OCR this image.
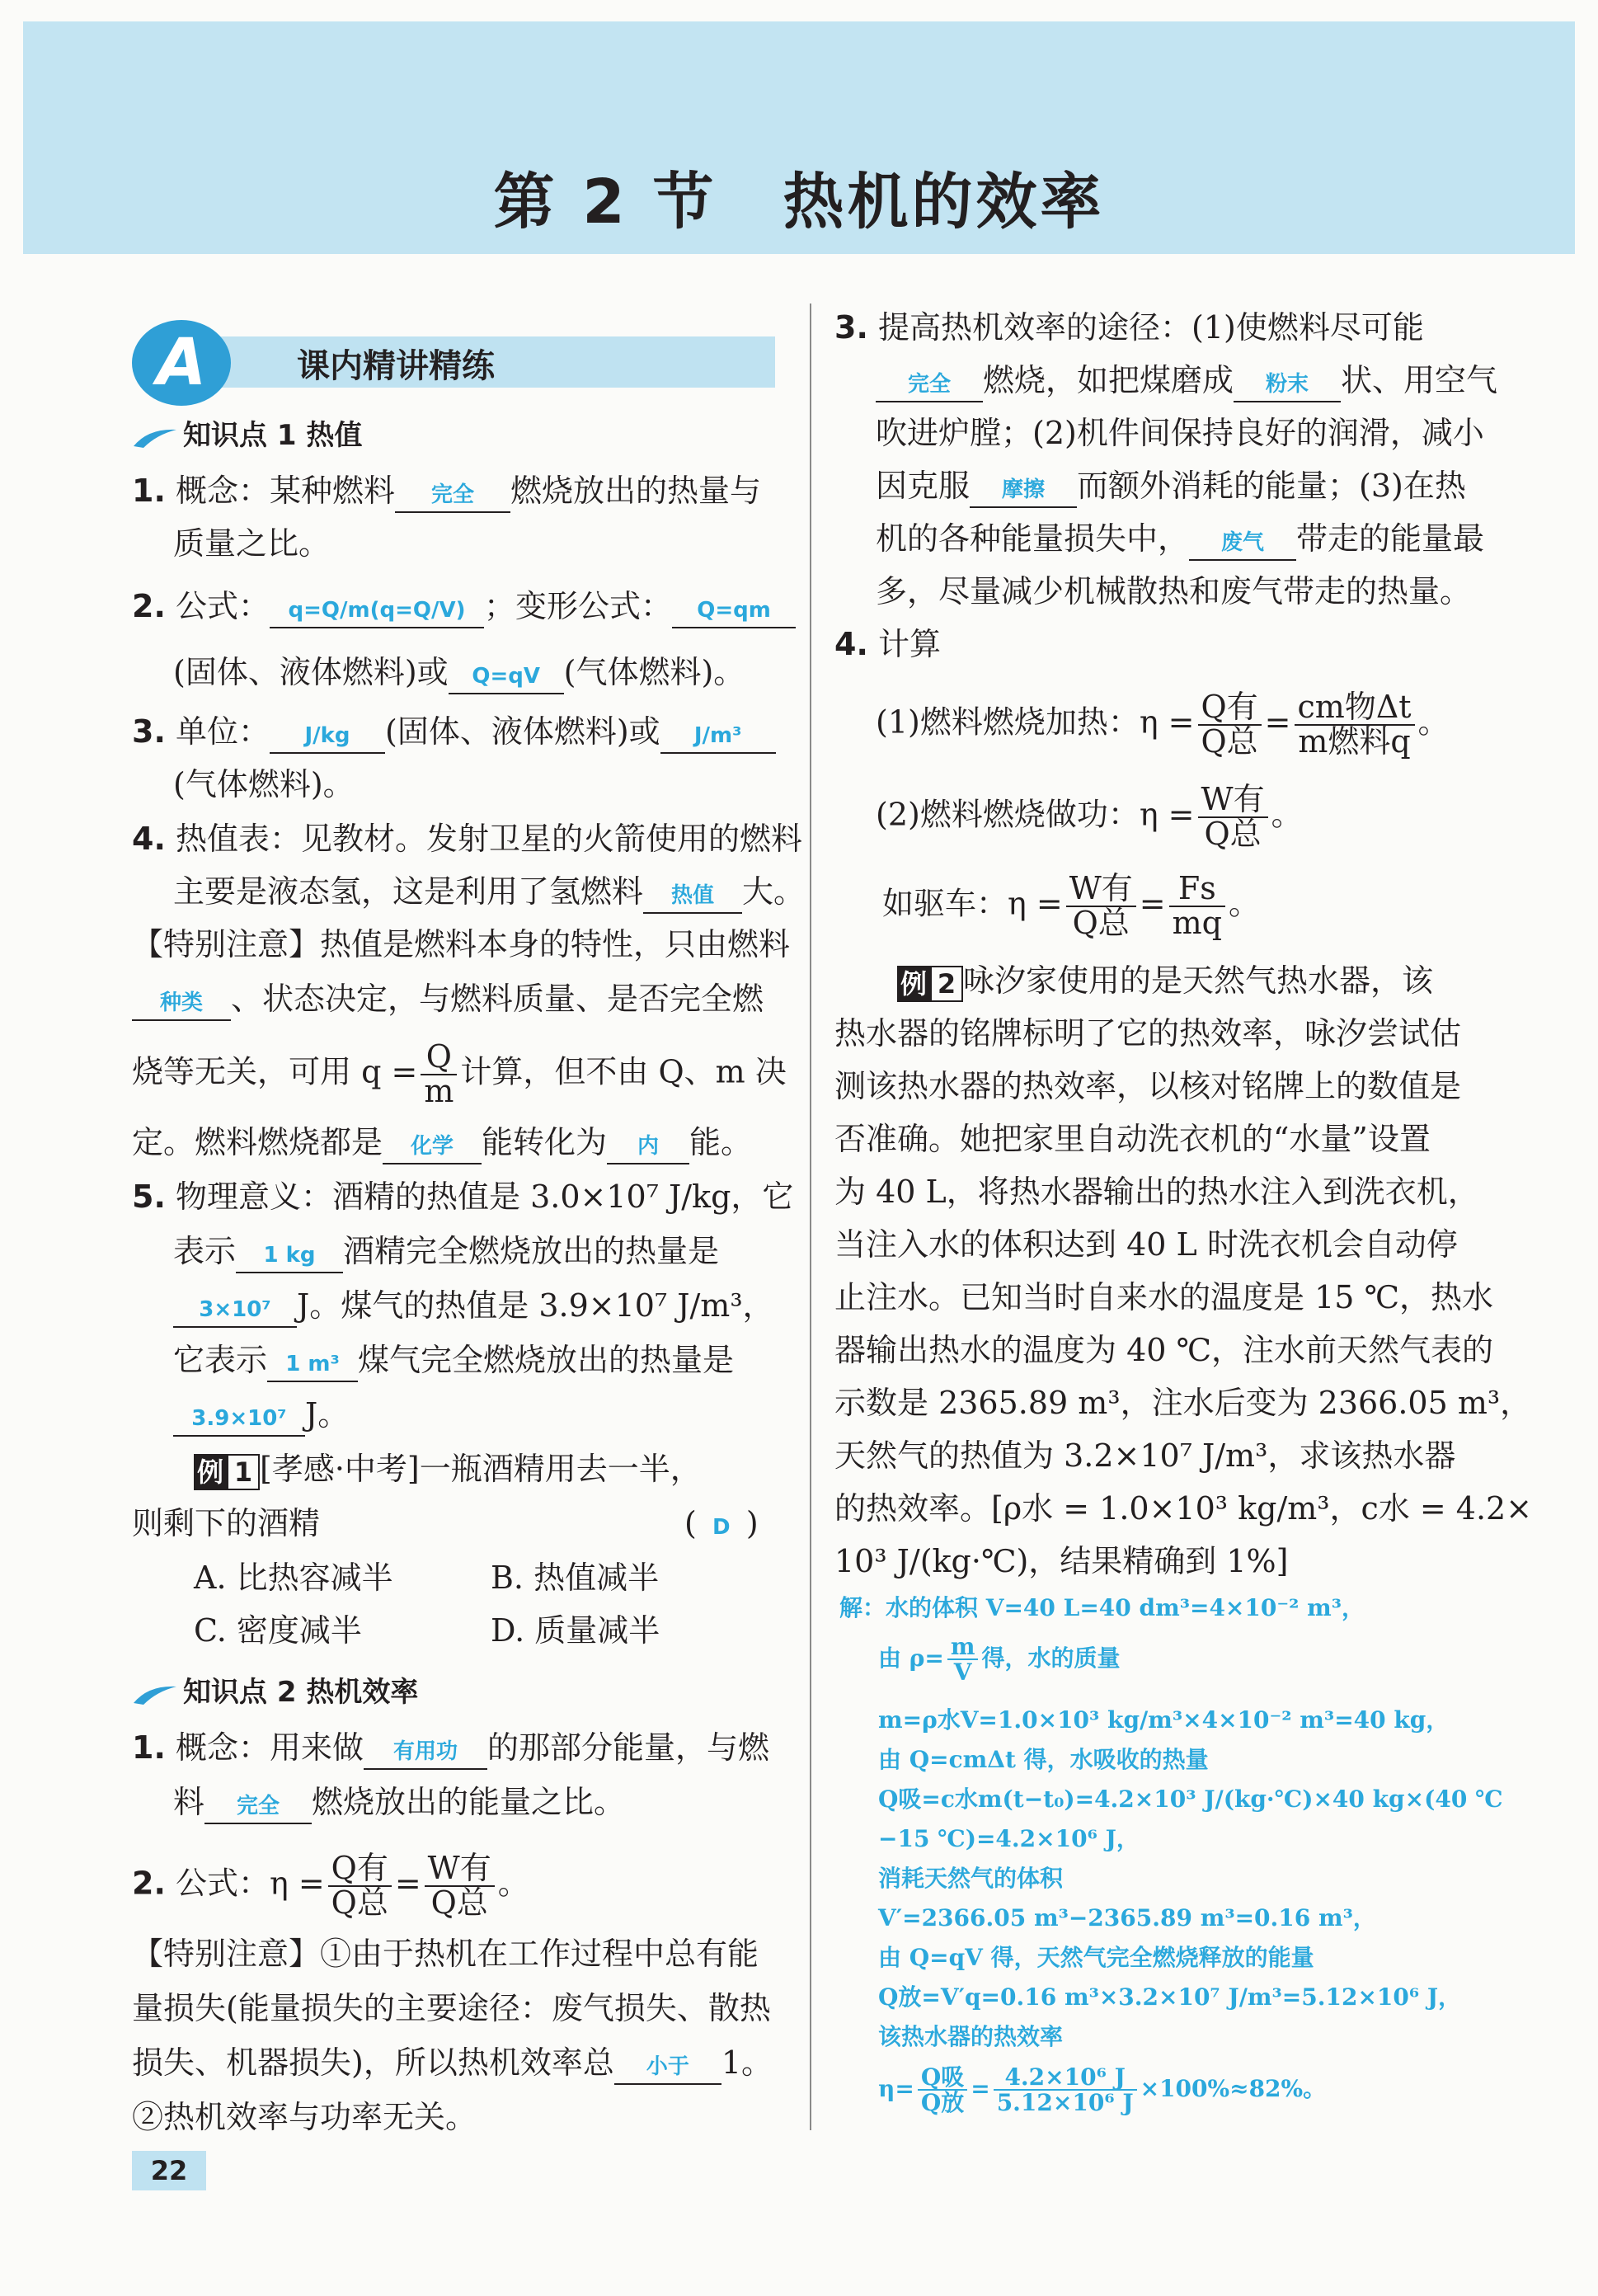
第 2 节 热机的效率
A	课内精讲精练
知识点 1 热值
1. 概念：某种燃料 完全 燃烧放出的热量与
质量之比。
2. 公式： q=Q/m(q=Q/V) ；变形公式： Q=qm
(固体、液体燃料)或 Q=qV (气体燃料)。
3. 单位： J/kg (固体、液体燃料)或 J/m³
(气体燃料)。
4. 热值表：见教材。发射卫星的火箭使用的燃料
主要是液态氢，这是利用了氢燃料 热值 大。
【特别注意】热值是燃料本身的特性，只由燃料
种类 、状态决定，与燃料质量、是否完全燃
烧等无关，可用 $q = \frac{Q}{m}$ 计算，但不由 Q、m 决
定。燃料燃烧都是 化学 能转化为 内 能。
5. 物理意义：酒精的热值是 3.0×10⁷ J/kg，它
表示 1 kg 酒精完全燃烧放出的热量是
3×10⁷ J。煤气的热值是 3.9×10⁷ J/m³，
它表示 1 m³ 煤气完全燃烧放出的热量是
3.9×10⁷ J。
例 1 [孝感·中考]一瓶酒精用去一半，
则剩下的酒精	( D )
A. 比热容减半	B. 热值减半
C. 密度减半	D. 质量减半
知识点 2 热机效率
1. 概念：用来做 有用功 的那部分能量，与燃
料 完全 燃烧放出的能量之比。
2. 公式：$\eta = \frac{\text{Q有}}{\text{Q总}} = \frac{\text{W有}}{\text{Q总}}$ 。
【特别注意】①由于热机在工作过程中总有能
量损失(能量损失的主要途径：废气损失、散热
损失、机器损失)，所以热机效率总 小于 1。
②热机效率与功率无关。
3. 提高热机效率的途径：(1)使燃料尽可能
完全 燃烧，如把煤磨成 粉末 状、用空气
吹进炉膛；(2)机件间保持良好的润滑，减小
因克服 摩擦 而额外消耗的能量；(3)在热
机的各种能量损失中， 废气 带走的能量最
多，尽量减少机械散热和废气带走的热量。
4. 计算
(1)燃料燃烧加热：$\eta = \frac{\text{Q有}}{\text{Q总}} = \frac{\text{cm物Δt}}{\text{m燃料q}}$ 。
(2)燃料燃烧做功：$\eta = \frac{\text{W有}}{\text{Q总}}$ 。
如驱车：$\eta = \frac{\text{W有}}{\text{Q总}} = \frac{Fs}{mq}$ 。
例 2 咏汐家使用的是天然气热水器，该
热水器的铭牌标明了它的热效率，咏汐尝试估
测该热水器的热效率，以核对铭牌上的数值是
否准确。她把家里自动洗衣机的“水量”设置
为 40 L，将热水器输出的热水注入到洗衣机，
当注入水的体积达到 40 L 时洗衣机会自动停
止注水。已知当时自来水的温度是 15 ℃，热水
器输出热水的温度为 40 ℃，注水前天然气表的
示数是 2365.89 m³，注水后变为 2366.05 m³，
天然气的热值为 3.2×10⁷ J/m³，求该热水器
的热效率。[ρ水 = 1.0×10³ kg/m³，c水 = 4.2×
10³ J/(kg·℃)，结果精确到 1%]
解：水的体积 V=40 L=40 dm³=4×10⁻² m³，
由 $\rho= \frac{m}{V}$ 得，水的质量
m=ρ水V=1.0×10³ kg/m³×4×10⁻² m³=40 kg，
由 Q=cmΔt 得，水吸收的热量
Q吸=c水m(t−t₀)=4.2×10³ J/(kg·℃)×40 kg×(40 ℃
−15 ℃)=4.2×10⁶ J，
消耗天然气的体积
V′=2366.05 m³−2365.89 m³=0.16 m³，
由 Q=qV 得，天然气完全燃烧释放的能量
Q放=V′q=0.16 m³×3.2×10⁷ J/m³=5.12×10⁶ J，
该热水器的热效率
$\eta= \frac{\text{Q吸}}{\text{Q放}} = \frac{\text{4.2×10⁶ J}}{\text{5.12×10⁶ J}} \times 100\%\approx 82\%$。
22
